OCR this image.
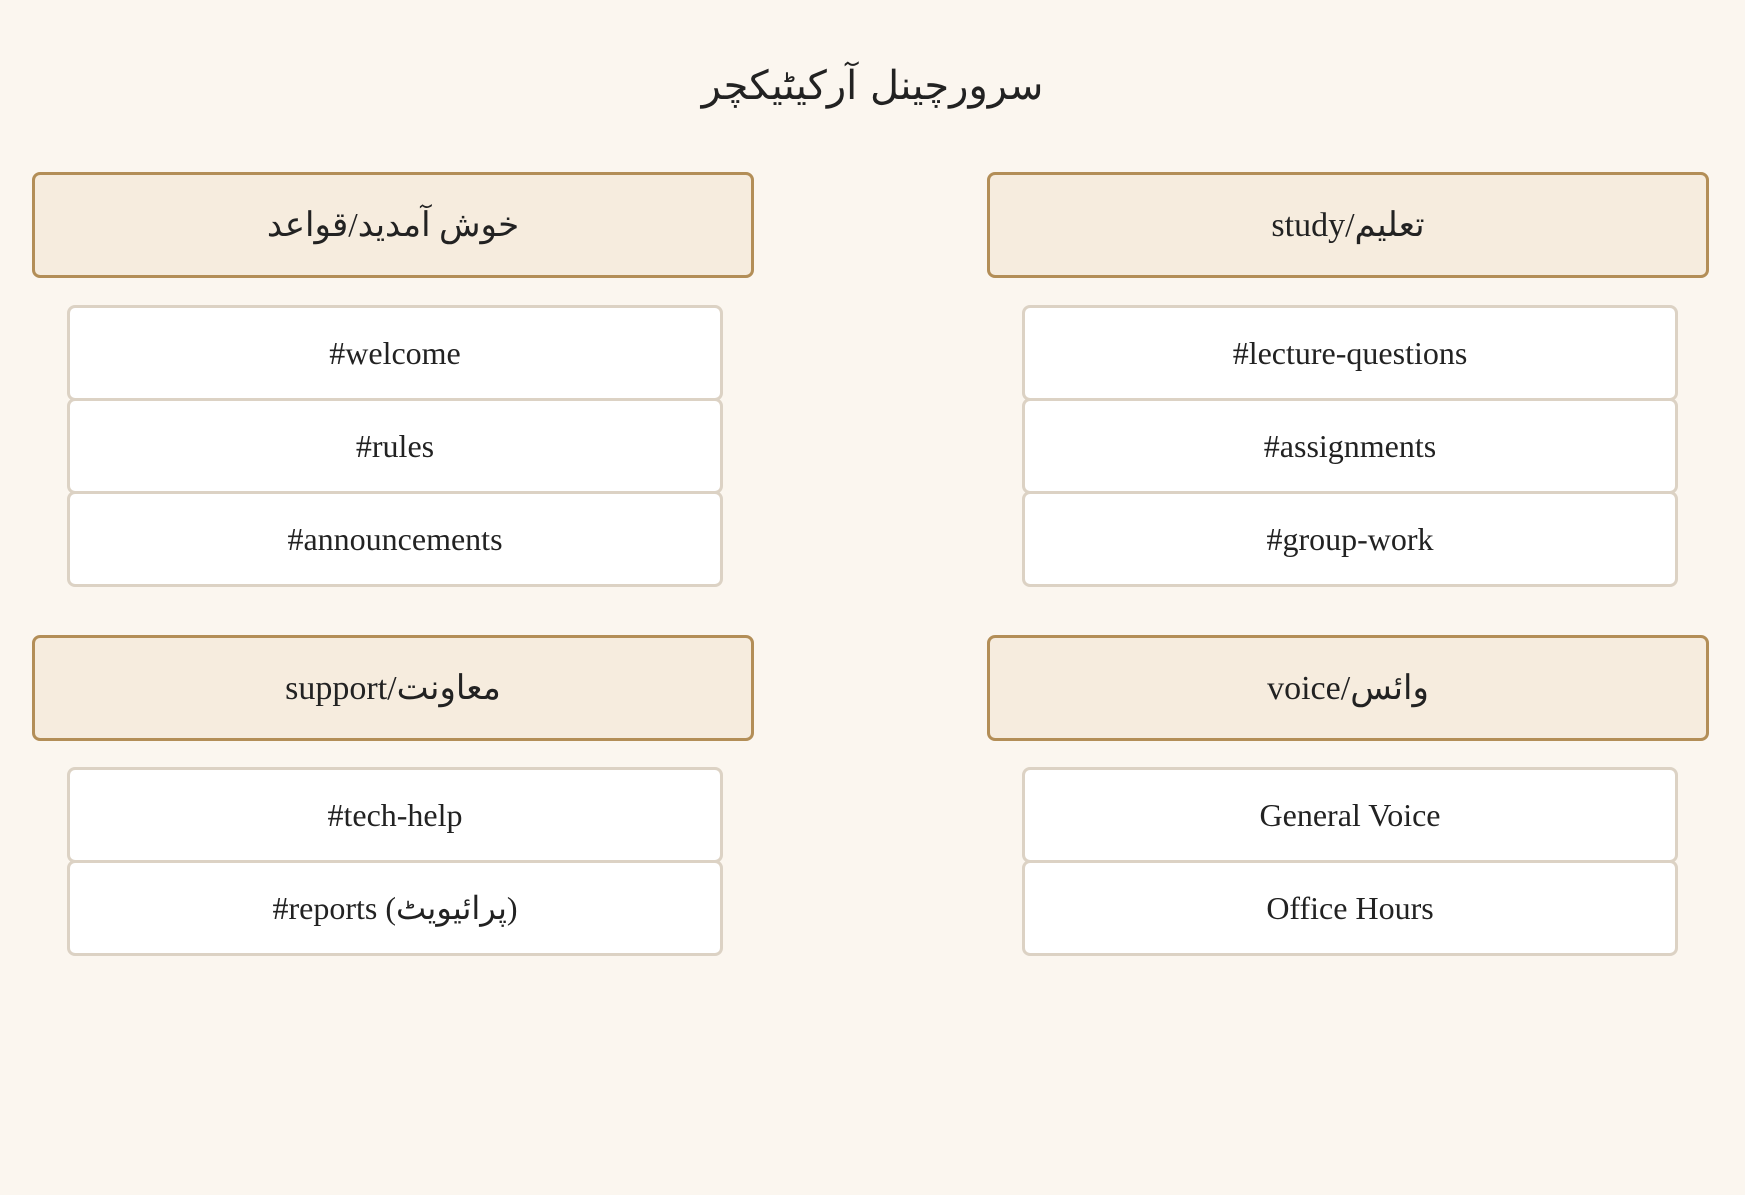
سرورچینل آرکیٹیکچر
خوش آمدید/قواعد
#welcome
#rules
#announcements
study/تعلیم
#lecture-questions
#assignments
#group-work
support/معاونت
#tech-help
#reports (پرائیویٹ)
voice/وائس
General Voice
Office Hours
